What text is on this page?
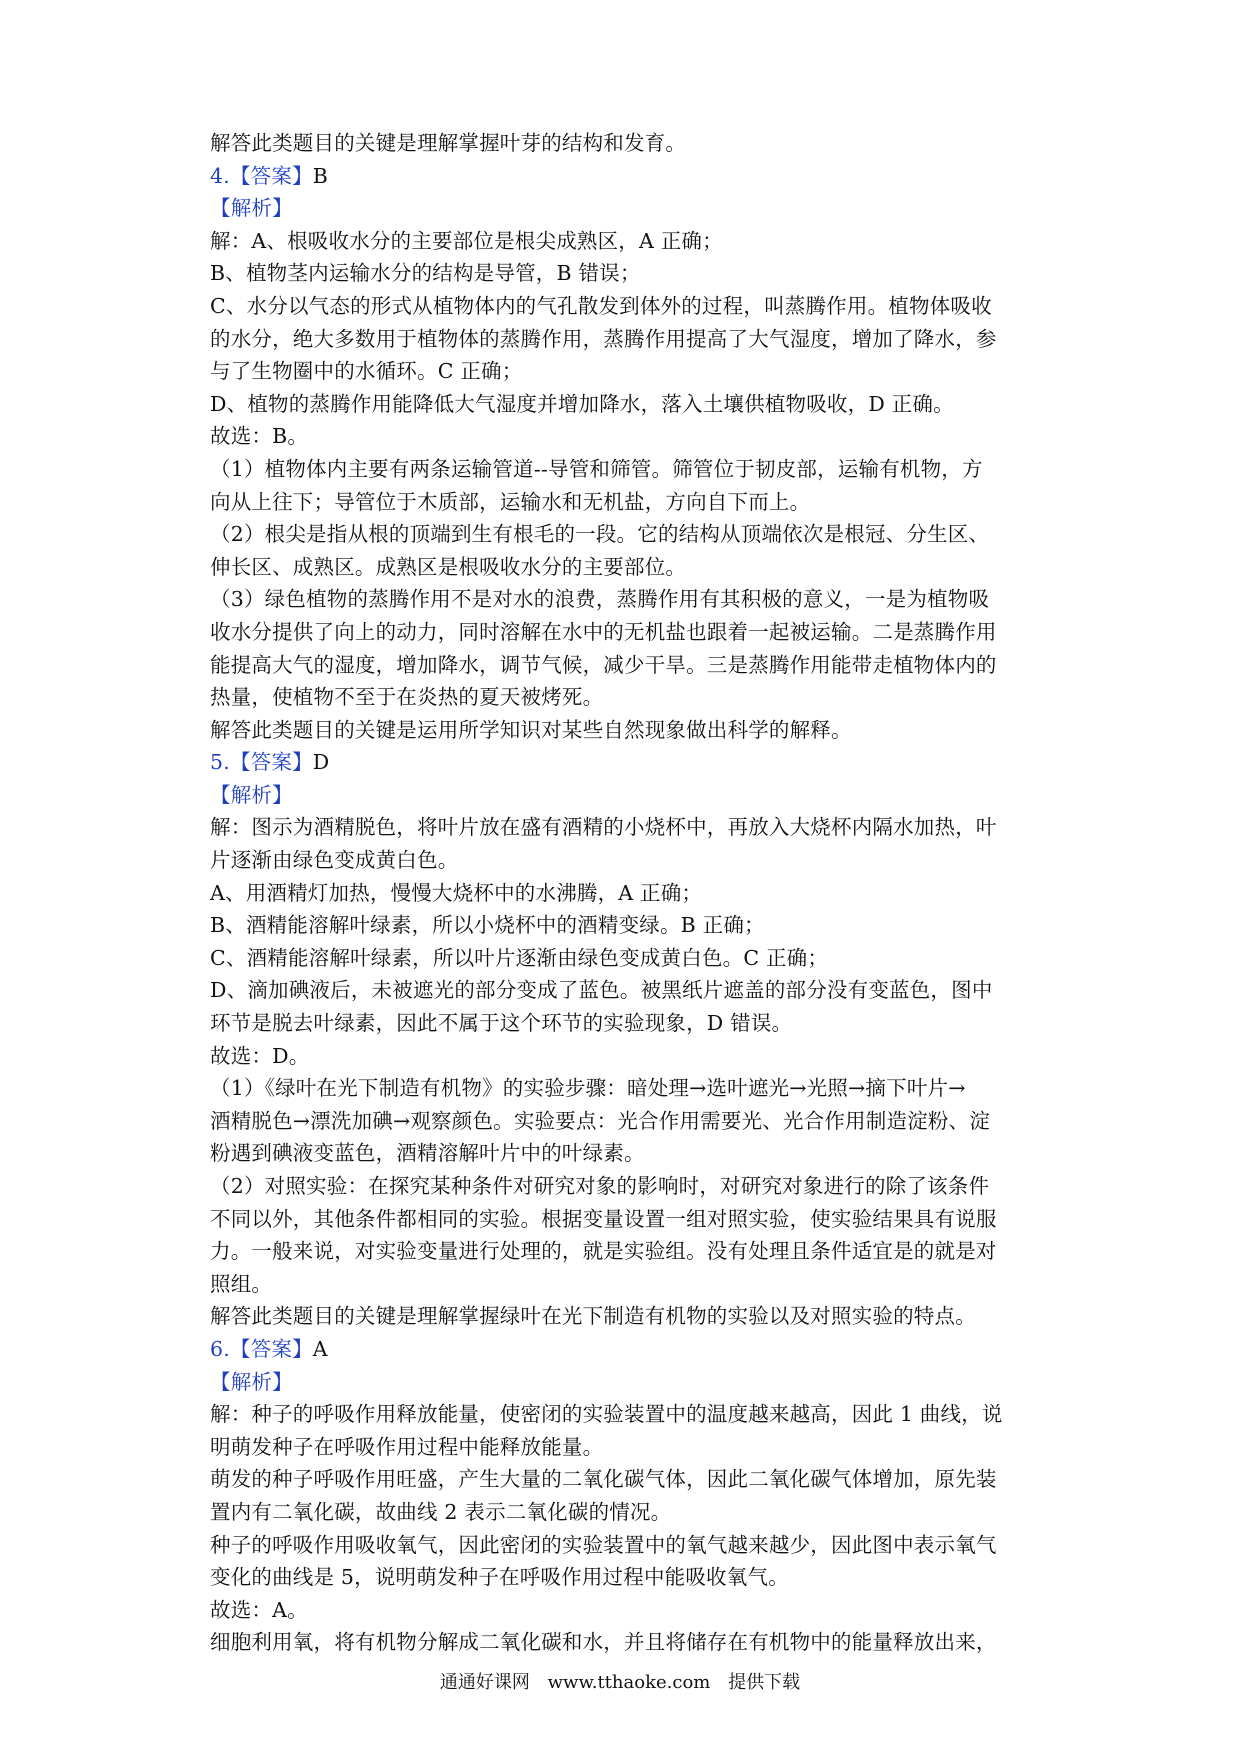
解答此类题目的关键是理解掌握叶芽的结构和发育。
4.【答案】B
【解析】
解：A、根吸收水分的主要部位是根尖成熟区，A 正确；
B、植物茎内运输水分的结构是导管，B 错误；
C、水分以气态的形式从植物体内的气孔散发到体外的过程，叫蒸腾作用。植物体吸收
的水分，绝大多数用于植物体的蒸腾作用，蒸腾作用提高了大气湿度，增加了降水，参
与了生物圈中的水循环。C 正确；
D、植物的蒸腾作用能降低大气湿度并增加降水，落入土壤供植物吸收，D 正确。
故选：B。
（1）植物体内主要有两条运输管道--导管和筛管。筛管位于韧皮部，运输有机物，方
向从上往下；导管位于木质部，运输水和无机盐，方向自下而上。
（2）根尖是指从根的顶端到生有根毛的一段。它的结构从顶端依次是根冠、分生区、
伸长区、成熟区。成熟区是根吸收水分的主要部位。
（3）绿色植物的蒸腾作用不是对水的浪费，蒸腾作用有其积极的意义，一是为植物吸
收水分提供了向上的动力，同时溶解在水中的无机盐也跟着一起被运输。二是蒸腾作用
能提高大气的湿度，增加降水，调节气候，减少干旱。三是蒸腾作用能带走植物体内的
热量，使植物不至于在炎热的夏天被烤死。
解答此类题目的关键是运用所学知识对某些自然现象做出科学的解释。
5.【答案】D
【解析】
解：图示为酒精脱色，将叶片放在盛有酒精的小烧杯中，再放入大烧杯内隔水加热，叶
片逐渐由绿色变成黄白色。
A、用酒精灯加热，慢慢大烧杯中的水沸腾，A 正确；
B、酒精能溶解叶绿素，所以小烧杯中的酒精变绿。B 正确；
C、酒精能溶解叶绿素，所以叶片逐渐由绿色变成黄白色。C 正确；
D、滴加碘液后，未被遮光的部分变成了蓝色。被黑纸片遮盖的部分没有变蓝色，图中
环节是脱去叶绿素，因此不属于这个环节的实验现象，D 错误。
故选：D。
（1）《绿叶在光下制造有机物》的实验步骤：暗处理→选叶遮光→光照→摘下叶片→
酒精脱色→漂洗加碘→观察颜色。实验要点：光合作用需要光、光合作用制造淀粉、淀
粉遇到碘液变蓝色，酒精溶解叶片中的叶绿素。
（2）对照实验：在探究某种条件对研究对象的影响时，对研究对象进行的除了该条件
不同以外，其他条件都相同的实验。根据变量设置一组对照实验，使实验结果具有说服
力。一般来说，对实验变量进行处理的，就是实验组。没有处理且条件适宜是的就是对
照组。
解答此类题目的关键是理解掌握绿叶在光下制造有机物的实验以及对照实验的特点。
6.【答案】A
【解析】
解：种子的呼吸作用释放能量，使密闭的实验装置中的温度越来越高，因此 1 曲线，说
明萌发种子在呼吸作用过程中能释放能量。
萌发的种子呼吸作用旺盛，产生大量的二氧化碳气体，因此二氧化碳气体增加，原先装
置内有二氧化碳，故曲线 2 表示二氧化碳的情况。
种子的呼吸作用吸收氧气，因此密闭的实验装置中的氧气越来越少，因此图中表示氧气
变化的曲线是 5，说明萌发种子在呼吸作用过程中能吸收氧气。
故选：A。
细胞利用氧，将有机物分解成二氧化碳和水，并且将储存在有机物中的能量释放出来，
通通好课网 www.tthaoke.com 提供下载
